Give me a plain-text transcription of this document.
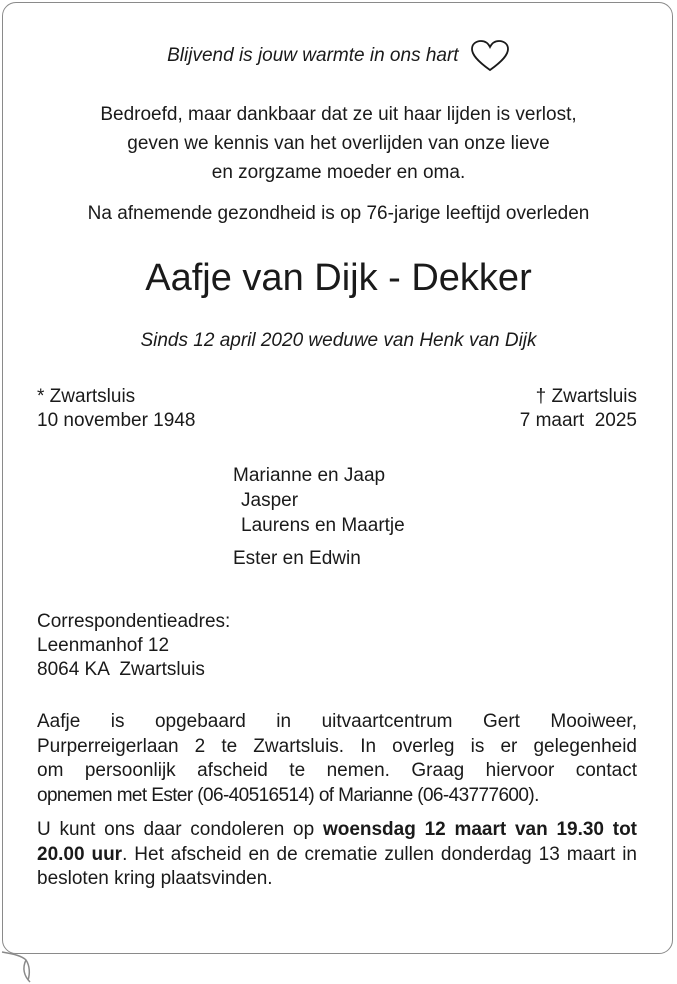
Blijvend is jouw warmte in ons hart
Bedroefd, maar dankbaar dat ze uit haar lijden is verlost,
geven we kennis van het overlijden van onze lieve
en zorgzame moeder en oma.
Na afnemende gezondheid is op 76-jarige leeftijd overleden
Aafje van Dijk - Dekker
Sinds 12 april 2020 weduwe van Henk van Dijk
* Zwartsluis
10 november 1948
† Zwartsluis
7 maart  2025
Marianne en Jaap
Jasper
Laurens en Maartje
Ester en Edwin
Correspondentieadres:
Leenmanhof 12
8064 KA  Zwartsluis
Aafje is opgebaard in uitvaartcentrum Gert Mooiweer,
Purperreigerlaan 2 te Zwartsluis. In overleg is er gelegenheid
om persoonlijk afscheid te nemen. Graag hiervoor contact
opnemen met Ester (06-40516514) of Marianne (06-43777600).
U kunt ons daar condoleren op woensdag 12 maart van 19.30 tot 20.00 uur. Het afscheid en de crematie zullen donderdag 13 maart in besloten kring plaatsvinden.
